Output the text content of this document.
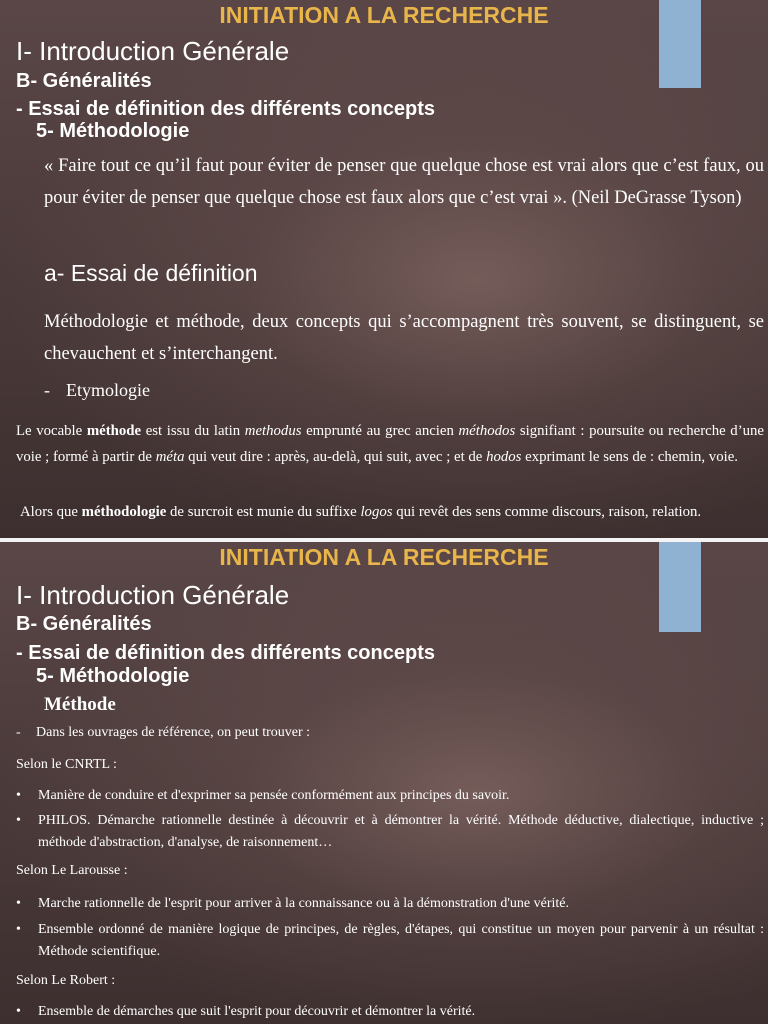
INITIATION A LA RECHERCHE
I- Introduction Générale
B- Généralités
- Essai de définition des différents concepts
5- Méthodologie
« Faire tout ce qu’il faut pour éviter de penser que quelque chose est vrai alors que c’est faux, ou pour éviter de penser que quelque chose est faux alors que c’est vrai ». (Neil DeGrasse Tyson)
a- Essai de définition
Méthodologie et méthode, deux concepts qui s’accompagnent très souvent, se distinguent, se chevauchent et s’interchangent.
- Etymologie
Le vocable méthode est issu du latin methodus emprunté au grec ancien méthodos signifiant : poursuite ou recherche d’une voie ; formé à partir de méta qui veut dire : après, au-delà, qui suit, avec ; et de hodos exprimant le sens de : chemin, voie.
Alors que méthodologie de surcroit est munie du suffixe logos qui revêt des sens comme discours, raison, relation.
INITIATION A LA RECHERCHE
I- Introduction Générale
B- Généralités
- Essai de définition des différents concepts
5- Méthodologie
Méthode
- Dans les ouvrages de référence, on peut trouver :
Selon le CNRTL :
• Manière de conduire et d'exprimer sa pensée conformément aux principes du savoir.
• PHILOS. Démarche rationnelle destinée à découvrir et à démontrer la vérité. Méthode déductive, dialectique, inductive ; méthode d'abstraction, d'analyse, de raisonnement…
Selon Le Larousse :
• Marche rationnelle de l'esprit pour arriver à la connaissance ou à la démonstration d'une vérité.
• Ensemble ordonné de manière logique de principes, de règles, d'étapes, qui constitue un moyen pour parvenir à un résultat : Méthode scientifique.
Selon Le Robert :
• Ensemble de démarches que suit l'esprit pour découvrir et démontrer la vérité.
